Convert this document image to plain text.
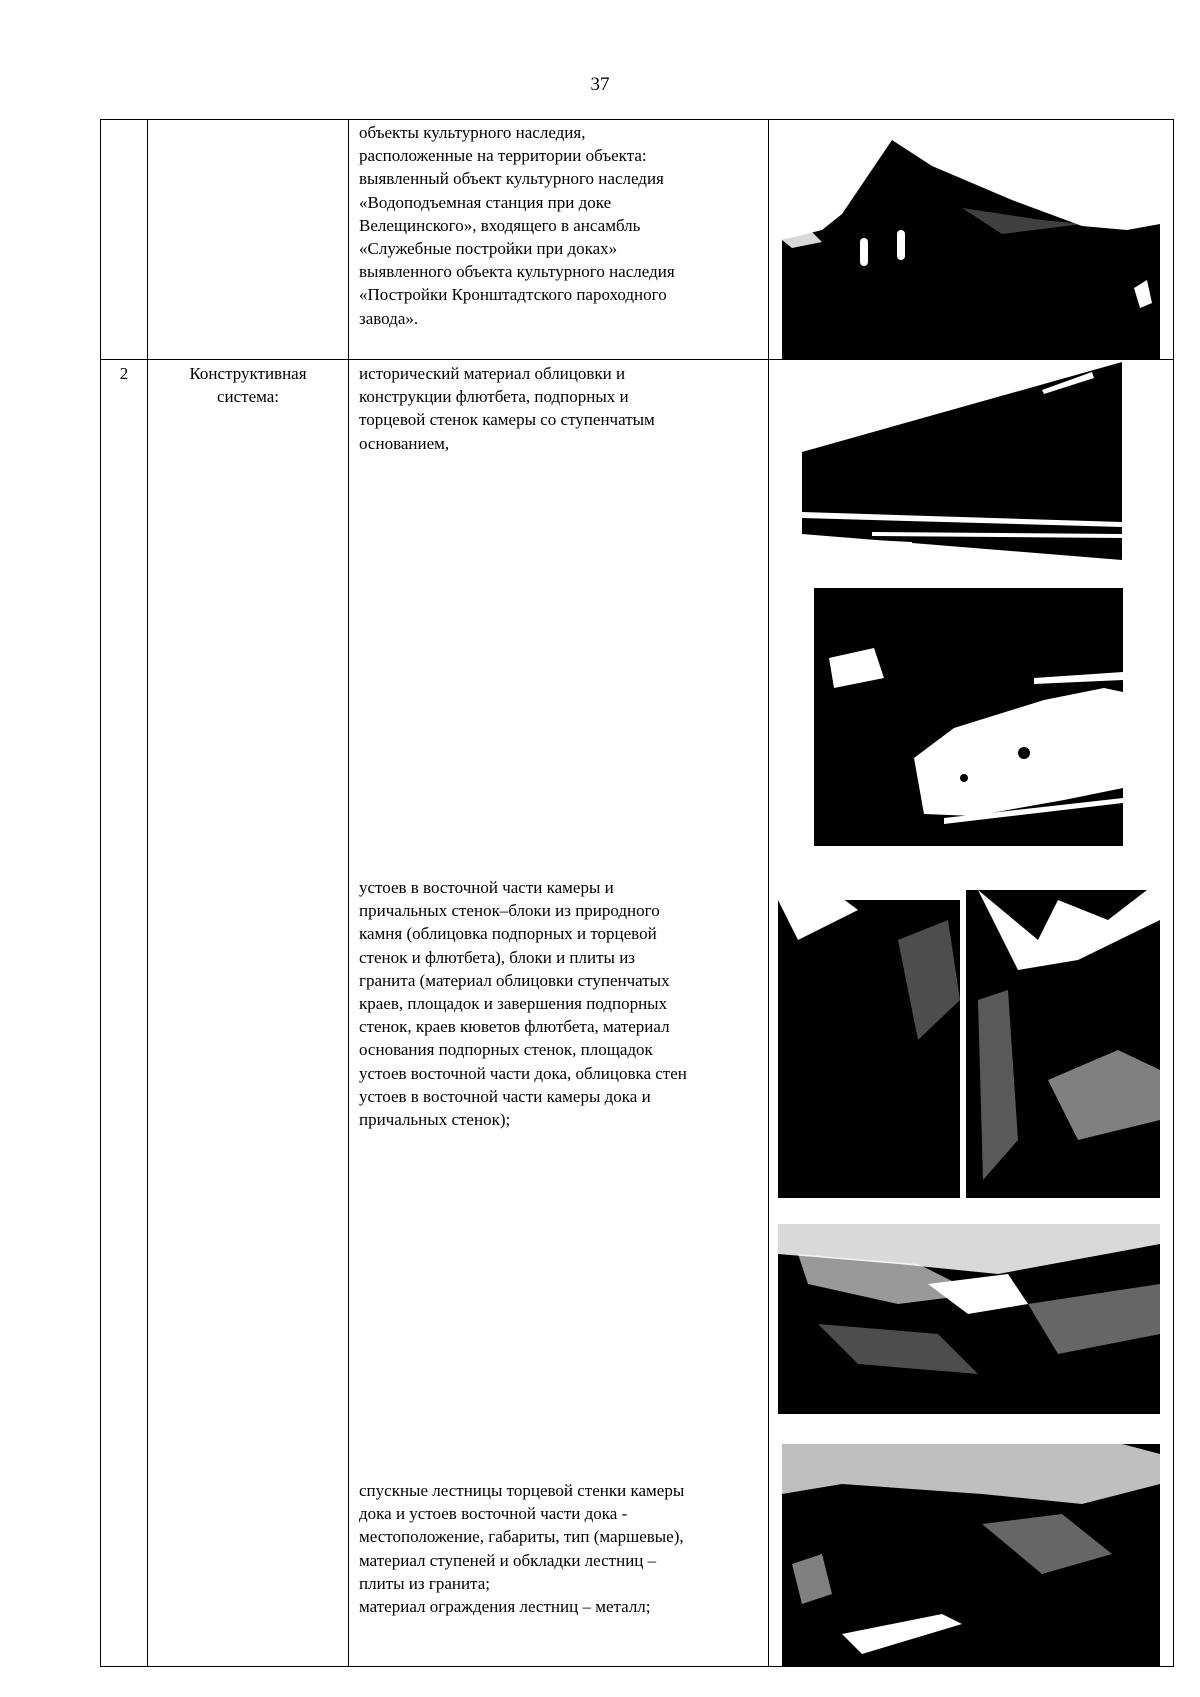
37
объекты культурного наследия,
расположенные на территории объекта:
выявленный объект культурного наследия
«Водоподъемная станция при доке
Велещинского», входящего в ансамбль
«Служебные постройки при доках»
выявленного объекта культурного наследия
«Постройки Кронштадтского пароходного
завода».
2	Конструктивная
система:
исторический материал облицовки и
конструкции флютбета, подпорных и
торцевой стенок камеры со ступенчатым
основанием,
устоев в восточной части камеры и
причальных стенок–блоки из природного
камня (облицовка подпорных и торцевой
стенок и флютбета), блоки и плиты из
гранита (материал облицовки ступенчатых
краев, площадок и завершения подпорных
стенок, краев кюветов флютбета, материал
основания подпорных стенок, площадок
устоев восточной части дока, облицовка стен
устоев в восточной части камеры дока и
причальных стенок);
спускные лестницы торцевой стенки камеры
дока и устоев восточной части дока -
местоположение, габариты, тип (маршевые),
материал ступеней и обкладки лестниц –
плиты из гранита;
материал ограждения лестниц – металл;
